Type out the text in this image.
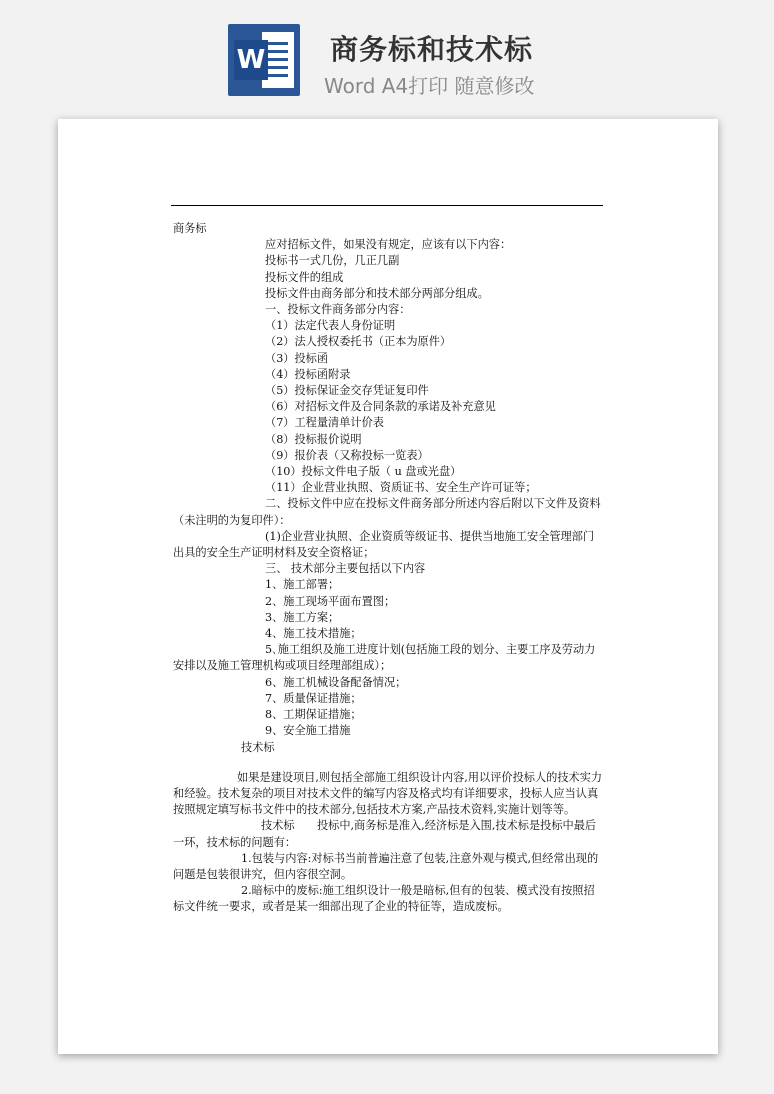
W 商务标和技术标
Word A4打印 随意修改

商务标

应对招标文件，如果没有规定，应该有以下内容：

投标书一式几份，几正几副

投标文件的组成

投标文件由商务部分和技术部分两部分组成。

一、投标文件商务部分内容：

（1）法定代表人身份证明

（2）法人授权委托书（正本为原件）

（3）投标函

（4）投标函附录

（5）投标保证金交存凭证复印件

（6）对招标文件及合同条款的承诺及补充意见

（7）工程量清单计价表

（8）投标报价说明

（9）报价表（又称投标一览表）

（10）投标文件电子版（ u 盘或光盘）

（11）企业营业执照、资质证书、安全生产许可证等；

二、投标文件中应在投标文件商务部分所述内容后附以下文件及资料（未注明的为复印件）：

(1)企业营业执照、企业资质等级证书、提供当地施工安全管理部门出具的安全生产证明材料及安全资格证；

三、 技术部分主要包括以下内容

1、施工部署；

2、施工现场平面布置图；

3、施工方案；

4、施工技术措施；

5､施工组织及施工进度计划(包括施工段的划分、主要工序及劳动力安排以及施工管理机构或项目经理部组成）；

6、施工机械设备配备情况；

7、质量保证措施；

8、工期保证措施；

9、安全施工措施

技术标

如果是建设项目,则包括全部施工组织设计内容,用以评价投标人的技术实力和经验。技术复杂的项目对技术文件的编写内容及格式均有详细要求，投标人应当认真按照规定填写标书文件中的技术部分,包括技术方案,产品技术资料,实施计划等等。

技术标　　投标中,商务标是准入,经济标是入围,技术标是投标中最后一环，技术标的问题有：

1.包装与内容:对标书当前普遍注意了包装,注意外观与模式,但经常出现的问题是包装很讲究，但内容很空洞。

2.暗标中的废标:施工组织设计一般是暗标,但有的包装、模式没有按照招标文件统一要求，或者是某一细部出现了企业的特征等，造成废标。
